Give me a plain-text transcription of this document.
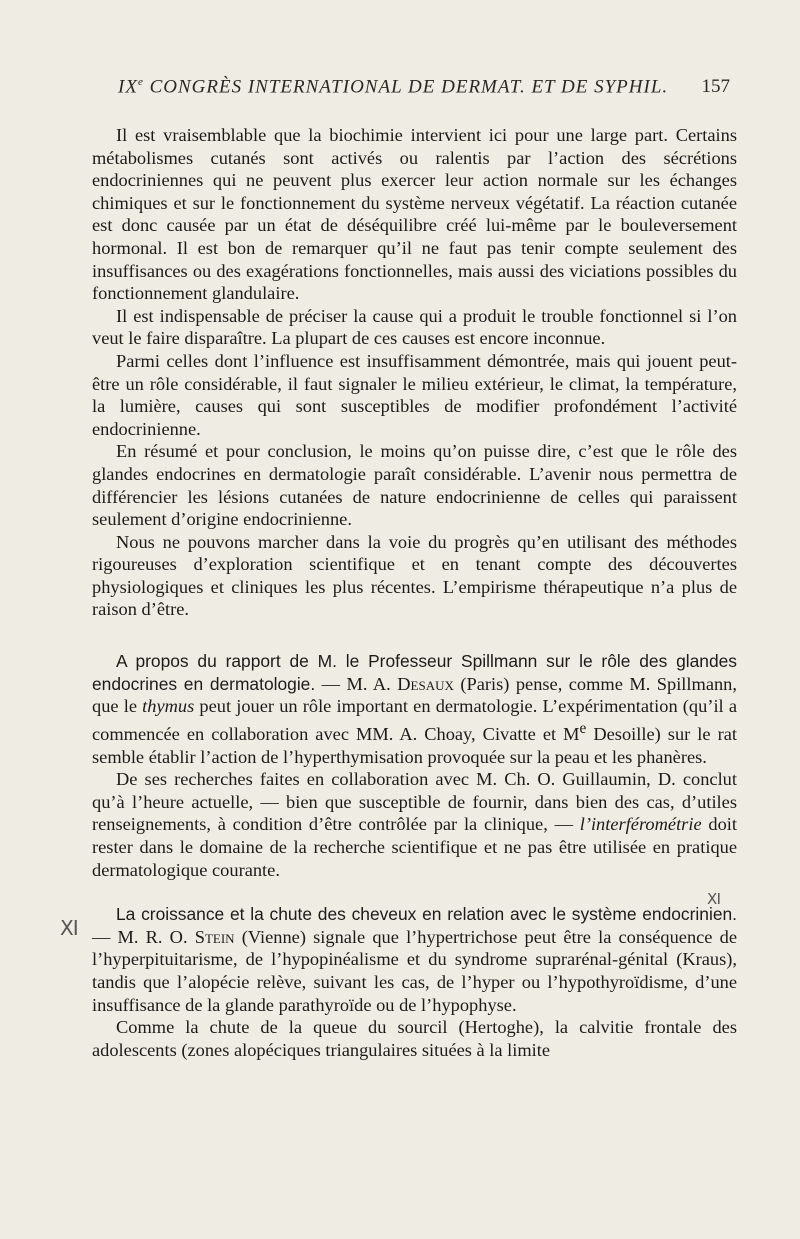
IXe CONGRÈS INTERNATIONAL DE DERMAT. ET DE SYPHIL. 157

Il est vraisemblable que la biochimie intervient ici pour une large part. Certains métabolismes cutanés sont activés ou ralentis par l’action des sécrétions endocriniennes qui ne peuvent plus exercer leur action normale sur les échanges chimiques et sur le fonctionnement du système nerveux végétatif. La réaction cutanée est donc causée par un état de déséquilibre créé lui-même par le bouleversement hormonal. Il est bon de remarquer qu’il ne faut pas tenir compte seulement des insuffisances ou des exagérations fonctionnelles, mais aussi des viciations possibles du fonctionnement glandulaire.

Il est indispensable de préciser la cause qui a produit le trouble fonctionnel si l’on veut le faire disparaître. La plupart de ces causes est encore inconnue.

Parmi celles dont l’influence est insuffisamment démontrée, mais qui jouent peut-être un rôle considérable, il faut signaler le milieu extérieur, le climat, la température, la lumière, causes qui sont susceptibles de modifier profondément l’activité endocrinienne.

En résumé et pour conclusion, le moins qu’on puisse dire, c’est que le rôle des glandes endocrines en dermatologie paraît considérable. L’avenir nous permettra de différencier les lésions cutanées de nature endocrinienne de celles qui paraissent seulement d’origine endocrinienne.

Nous ne pouvons marcher dans la voie du progrès qu’en utilisant des méthodes rigoureuses d’exploration scientifique et en tenant compte des découvertes physiologiques et cliniques les plus récentes. L’empirisme thérapeutique n’a plus de raison d’être.

A propos du rapport de M. le Professeur Spillmann sur le rôle des glandes endocrines en dermatologie. — M. A. Desaux (Paris) pense, comme M. Spillmann, que le thymus peut jouer un rôle important en dermatologie. L’expérimentation (qu’il a commencée en collaboration avec MM. A. Choay, Civatte et Me Desoille) sur le rat semble établir l’action de l’hyperthymisation provoquée sur la peau et les phanères.

De ses recherches faites en collaboration avec M. Ch. O. Guillaumin, D. conclut qu’à l’heure actuelle, — bien que susceptible de fournir, dans bien des cas, d’utiles renseignements, à condition d’être contrôlée par la clinique, — l’interférométrie doit rester dans le domaine de la recherche scientifique et ne pas être utilisée en pratique dermatologique courante.

La croissance et la chute des cheveux en relation avec le système endocrinien. — M. R. O. Stein (Vienne) signale que l’hypertrichose peut être la conséquence de l’hyperpituitarisme, de l’hypopinéalisme et du syndrome suprarénal-génital (Kraus), tandis que l’alopécie relève, suivant les cas, de l’hyper ou l’hypothyroïdisme, d’une insuffisance de la glande parathyroïde ou de l’hypophyse.

Comme la chute de la queue du sourcil (Hertoghe), la calvitie frontale des adolescents (zones alopéciques triangulaires situées à la limite

Ⅺ
Ⅺ
